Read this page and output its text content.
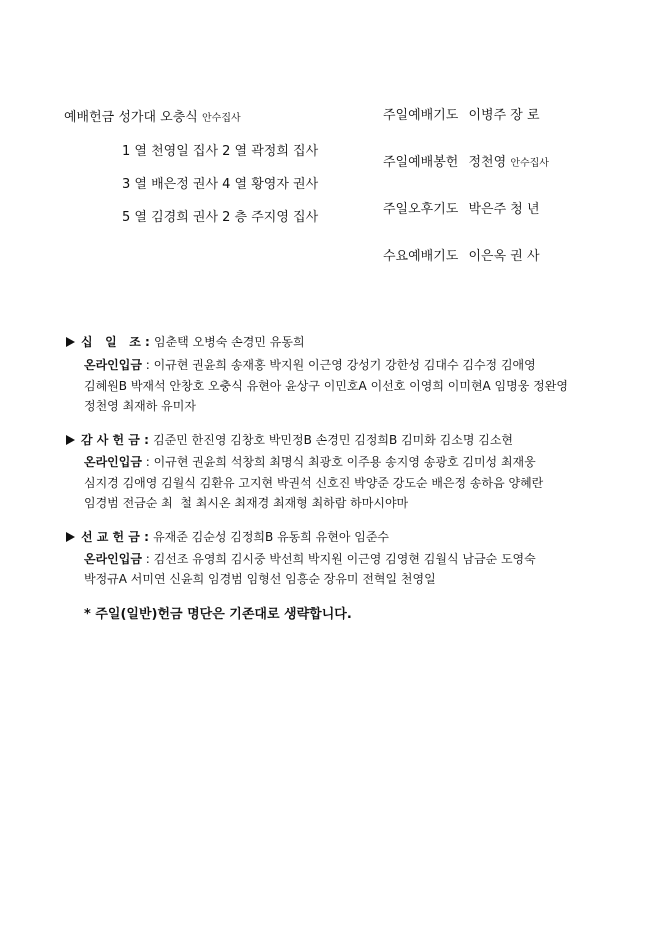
예배헌금 성가대 오충식 안수집사
1 열 천영일 집사 2 열 곽정희 집사
3 열 배은정 권사 4 열 황영자 권사
5 열 김경희 권사 2 층 주지영 집사
주일예배기도 이병주 장 로
주일예배봉헌 정천영 안수집사
주일오후기도 박은주 청 년
수요예배기도 이은옥 권 사
십   일   조 : 임춘택 오병숙 손경민 유동희
온라인입금 : 이규현 권윤희 송재홍 박지원 이근영 강성기 강한성 김대수 김수정 김애영
김혜원B 박재석 안창호 오충식 유현아 윤상구 이민호A 이선호 이영희 이미현A 임명웅 정완영
정천영 최재하 유미자
감 사 헌 금 : 김준민 한진영 김창호 박민정B 손경민 김정희B 김미화 김소명 김소현
온라인입금 : 이규현 권윤희 석창희 최명식 최광호 이주용 송지영 송광호 김미성 최재웅
심지경 김애영 김월식 김환유 고지현 박권석 신호진 박양준 강도순 배은정 송하음 양혜란
임경범 전금순 최  철 최시온 최재경 최재형 최하람 하마시야마
선 교 헌 금 : 유재준 김순성 김정희B 유동희 유현아 임준수
온라인입금 : 김선조 유영희 김시중 박선희 박지원 이근영 김영현 김월식 남금순 도영숙
박정규A 서미연 신윤희 임경범 임형선 임흥순 장유미 전혁일 천영일
* 주일(일반)헌금 명단은 기존대로 생략합니다.
